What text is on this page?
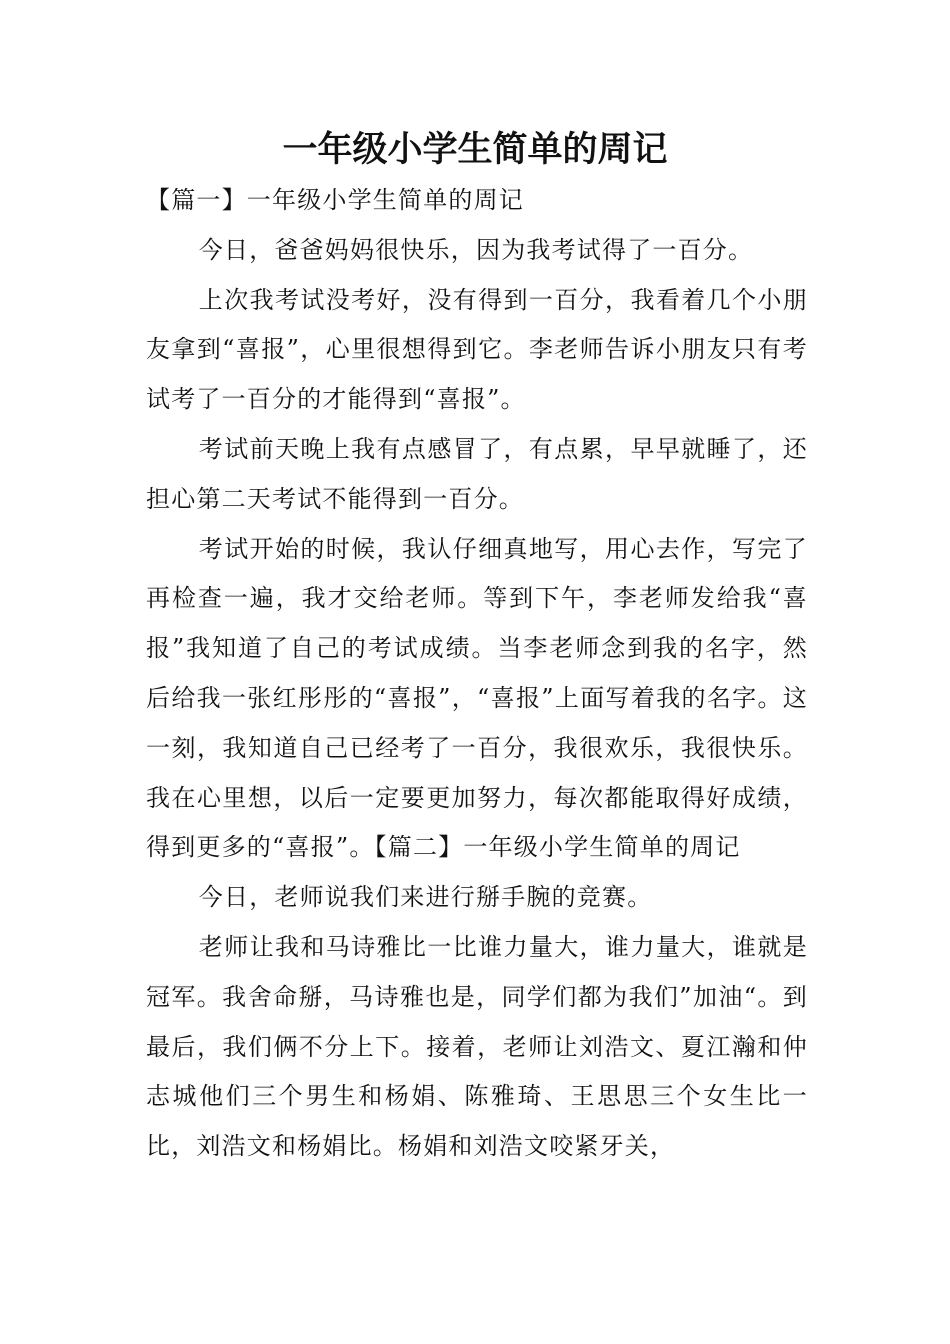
一年级小学生简单的周记

【篇一】一年级小学生简单的周记

今日，爸爸妈妈很快乐，因为我考试得了一百分。

上次我考试没考好，没有得到一百分，我看着几个小朋友拿到“喜报”，心里很想得到它。李老师告诉小朋友只有考试考了一百分的才能得到“喜报”。

考试前天晚上我有点感冒了，有点累，早早就睡了，还担心第二天考试不能得到一百分。

考试开始的时候，我认仔细真地写，用心去作，写完了再检查一遍，我才交给老师。等到下午，李老师发给我“喜报”我知道了自己的考试成绩。当李老师念到我的名字，然后给我一张红彤彤的“喜报”，“喜报”上面写着我的名字。这一刻，我知道自己已经考了一百分，我很欢乐，我很快乐。我在心里想，以后一定要更加努力，每次都能取得好成绩，得到更多的“喜报”。【篇二】一年级小学生简单的周记

今日，老师说我们来进行掰手腕的竞赛。

老师让我和马诗雅比一比谁力量大，谁力量大，谁就是冠军。我舍命掰，马诗雅也是，同学们都为我们”加油“。到最后，我们俩不分上下。接着，老师让刘浩文、夏江瀚和仲志城他们三个男生和杨娟、陈雅琦、王思思三个女生比一比，刘浩文和杨娟比。杨娟和刘浩文咬紧牙关，
